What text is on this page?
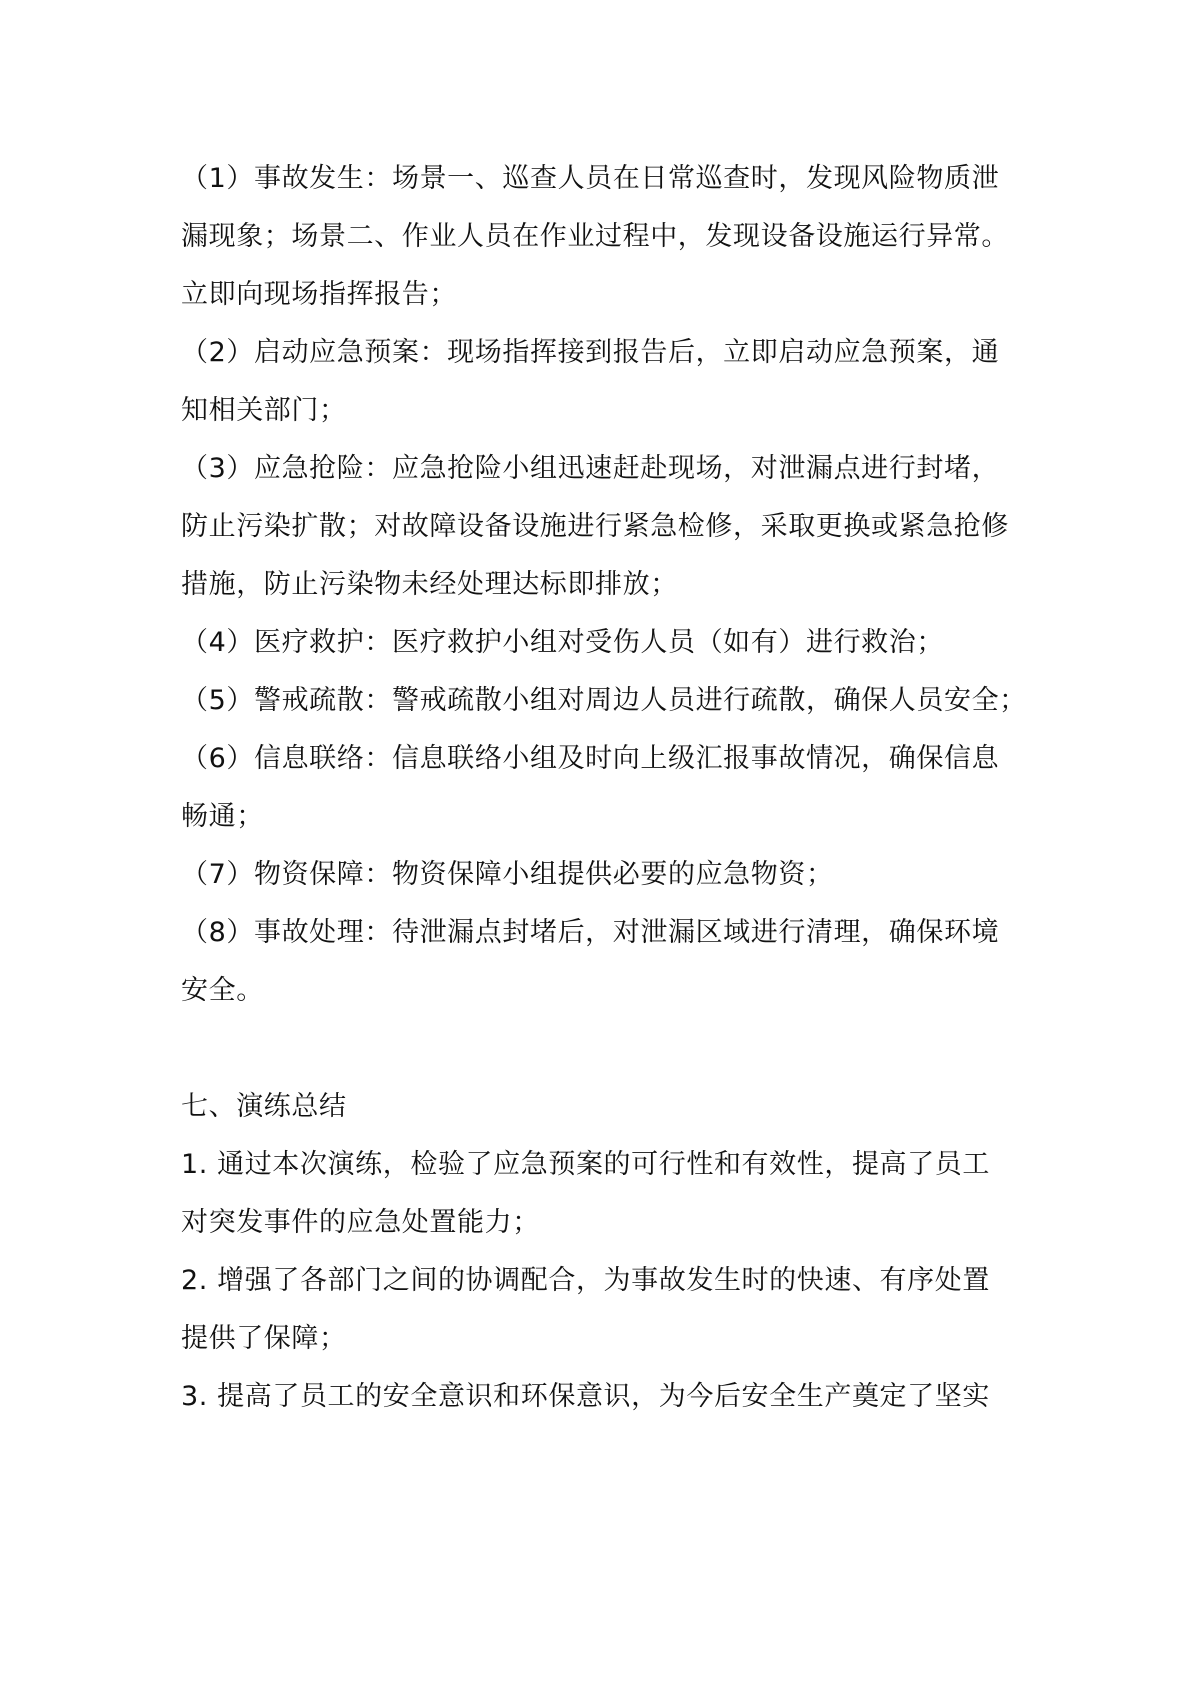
（1）事故发生：场景一、巡查人员在日常巡查时，发现风险物质泄
漏现象；场景二、作业人员在作业过程中，发现设备设施运行异常。
立即向现场指挥报告；
（2）启动应急预案：现场指挥接到报告后，立即启动应急预案，通
知相关部门；
（3）应急抢险：应急抢险小组迅速赶赴现场，对泄漏点进行封堵，
防止污染扩散；对故障设备设施进行紧急检修，采取更换或紧急抢修
措施，防止污染物未经处理达标即排放；
（4）医疗救护：医疗救护小组对受伤人员（如有）进行救治；
（5）警戒疏散：警戒疏散小组对周边人员进行疏散，确保人员安全；
（6）信息联络：信息联络小组及时向上级汇报事故情况，确保信息
畅通；
（7）物资保障：物资保障小组提供必要的应急物资；
（8）事故处理：待泄漏点封堵后，对泄漏区域进行清理，确保环境
安全。
七、演练总结
1. 通过本次演练，检验了应急预案的可行性和有效性，提高了员工
对突发事件的应急处置能力；
2. 增强了各部门之间的协调配合，为事故发生时的快速、有序处置
提供了保障；
3. 提高了员工的安全意识和环保意识，为今后安全生产奠定了坚实
